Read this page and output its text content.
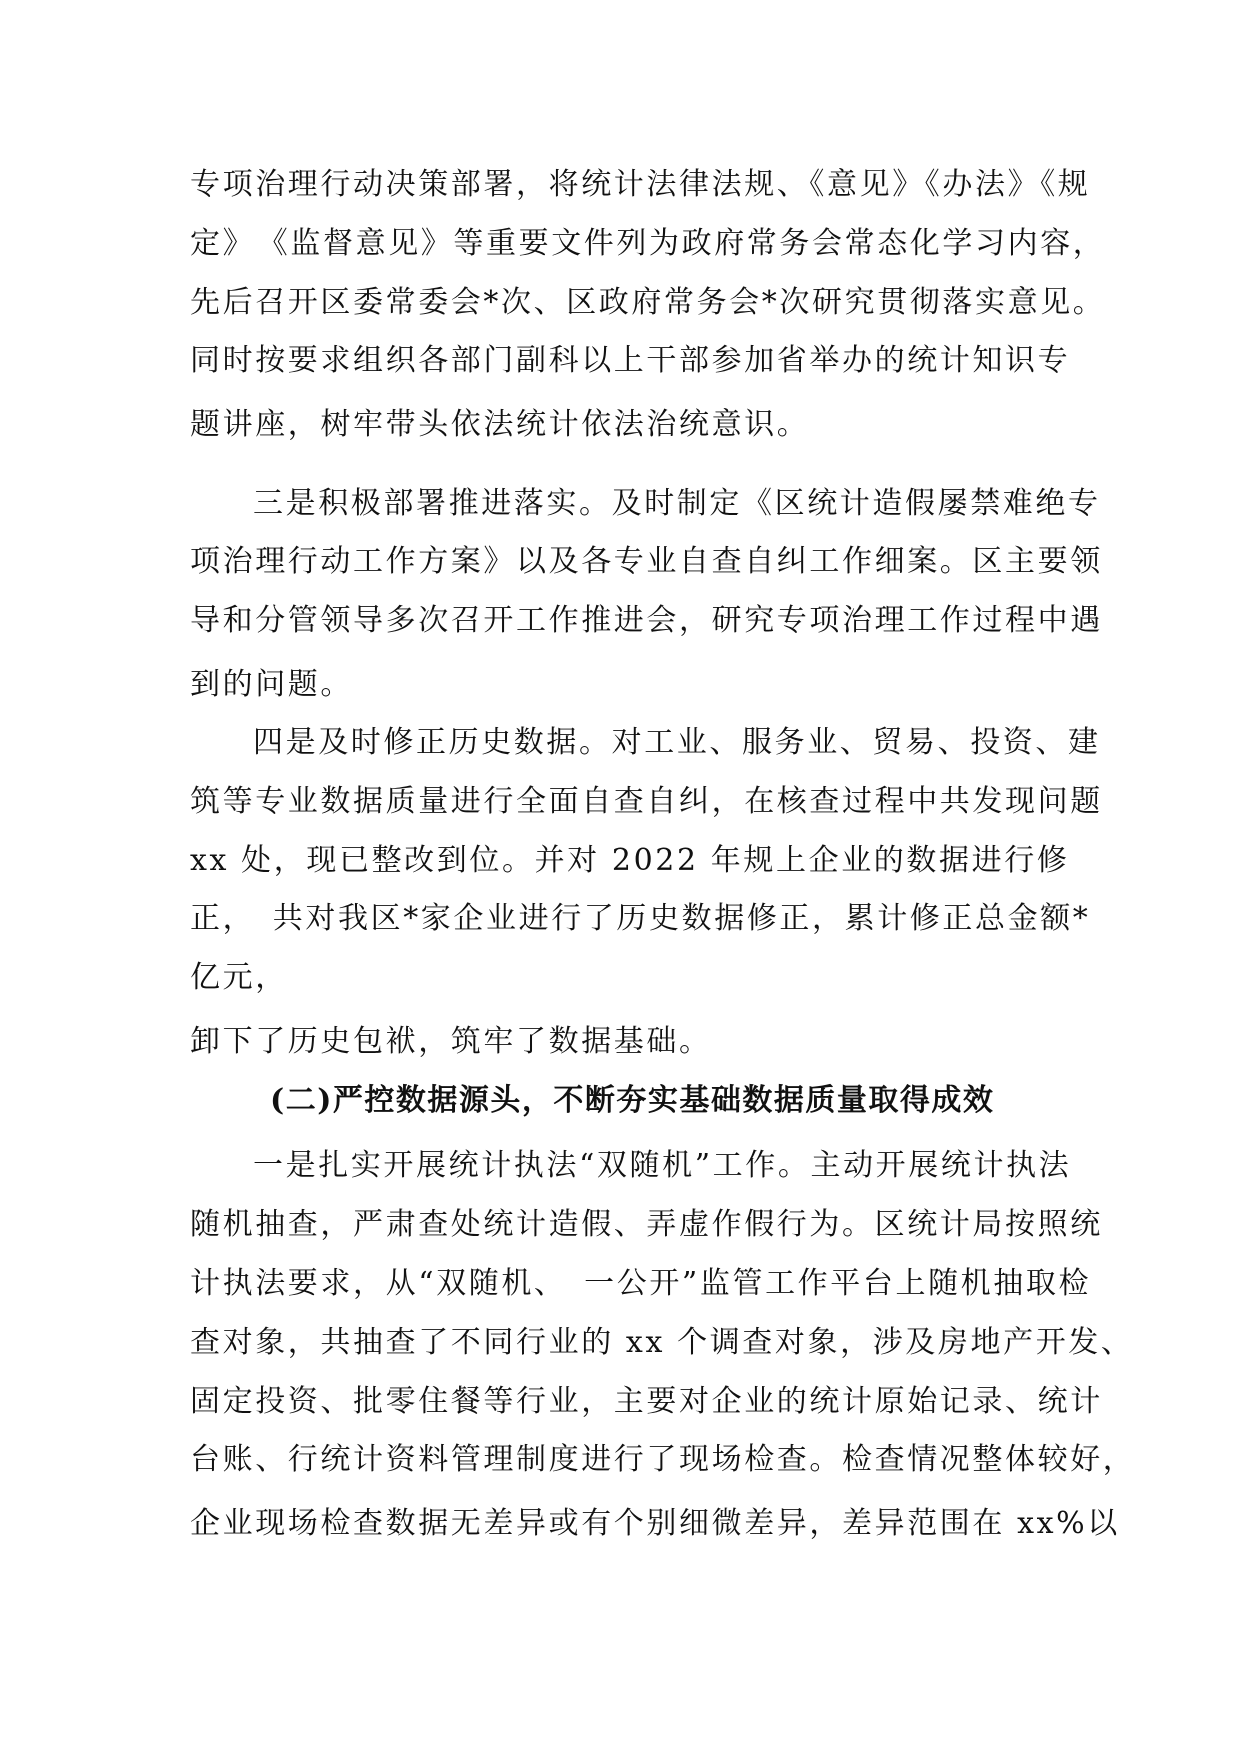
专项治理行动决策部署，将统计法律法规、《意见》《办法》《规
定》　《监督意见》等重要文件列为政府常务会常态化学习内容，
先后召开区委常委会*次、区政府常务会*次研究贯彻落实意见。
同时按要求组织各部门副科以上干部参加省举办的统计知识专
题讲座，树牢带头依法统计依法治统意识。
三是积极部署推进落实。及时制定《区统计造假屡禁难绝专
项治理行动工作方案》以及各专业自查自纠工作细案。区主要领
导和分管领导多次召开工作推进会，研究专项治理工作过程中遇
到的问题。
四是及时修正历史数据。对工业、服务业、贸易、投资、建
筑等专业数据质量进行全面自查自纠，在核查过程中共发现问题
xx 处，现已整改到位。并对 2022 年规上企业的数据进行修
正，　共对我区*家企业进行了历史数据修正，累计修正总金额*
亿元，
卸下了历史包袱，筑牢了数据基础。
(二)严控数据源头，不断夯实基础数据质量取得成效
一是扎实开展统计执法“双随机”工作。主动开展统计执法
随机抽查，严肃查处统计造假、弄虚作假行为。区统计局按照统
计执法要求，从“双随机、　一公开”监管工作平台上随机抽取检
查对象，共抽查了不同行业的 xx 个调查对象，涉及房地产开发、
固定投资、批零住餐等行业，主要对企业的统计原始记录、统计
台账、行统计资料管理制度进行了现场检查。检查情况整体较好，
企业现场检查数据无差异或有个别细微差异，差异范围在 xx%以
